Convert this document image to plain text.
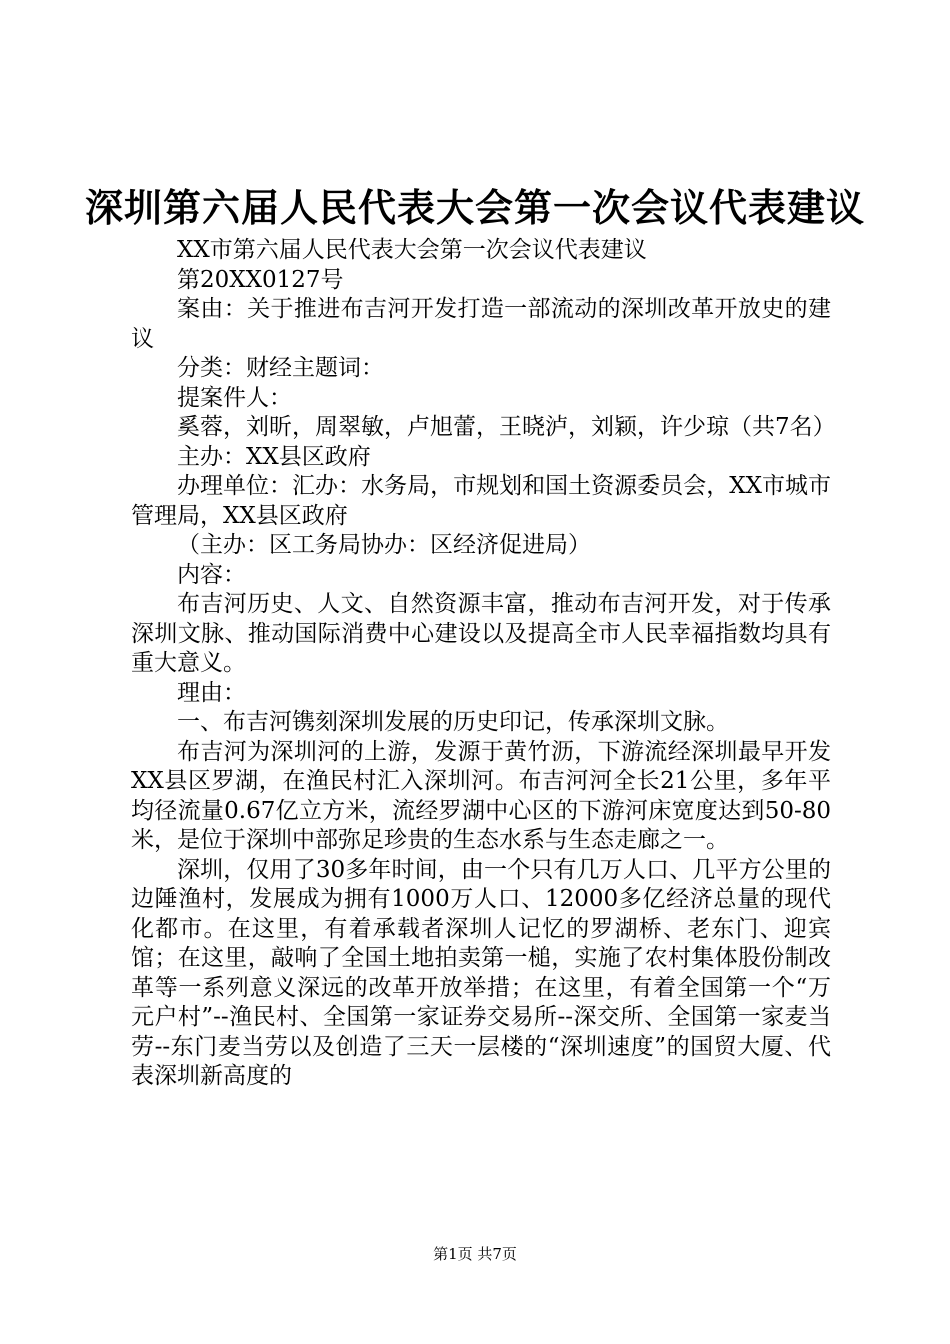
深圳第六届人民代表大会第一次会议代表建议

XX市第六届人民代表大会第一次会议代表建议

第20XX0127号

案由：关于推进布吉河开发打造一部流动的深圳改革开放史的建议

分类：财经主题词：

提案件人：

奚蓉，刘昕，周翠敏，卢旭蕾，王晓泸，刘颖，许少琼（共7名）

主办：XX县区政府

办理单位：汇办：水务局，市规划和国土资源委员会，XX市城市管理局，XX县区政府

（主办：区工务局协办：区经济促进局）

内容：

布吉河历史、人文、自然资源丰富，推动布吉河开发，对于传承深圳文脉、推动国际消费中心建设以及提高全市人民幸福指数均具有重大意义。

理由：

一、布吉河镌刻深圳发展的历史印记，传承深圳文脉。

布吉河为深圳河的上游，发源于黄竹沥，下游流经深圳最早开发XX县区罗湖，在渔民村汇入深圳河。布吉河河全长21公里，多年平均径流量0.67亿立方米，流经罗湖中心区的下游河床宽度达到50-80米，是位于深圳中部弥足珍贵的生态水系与生态走廊之一。

深圳，仅用了30多年时间，由一个只有几万人口、几平方公里的边陲渔村，发展成为拥有1000万人口、12000多亿经济总量的现代化都市。在这里，有着承载者深圳人记忆的罗湖桥、老东门、迎宾馆；在这里，敲响了全国土地拍卖第一槌，实施了农村集体股份制改革等一系列意义深远的改革开放举措；在这里，有着全国第一个“万元户村”--渔民村、全国第一家证券交易所--深交所、全国第一家麦当劳--东门麦当劳以及创造了三天一层楼的“深圳速度”的国贸大厦、代表深圳新高度的

第1页 共7页
